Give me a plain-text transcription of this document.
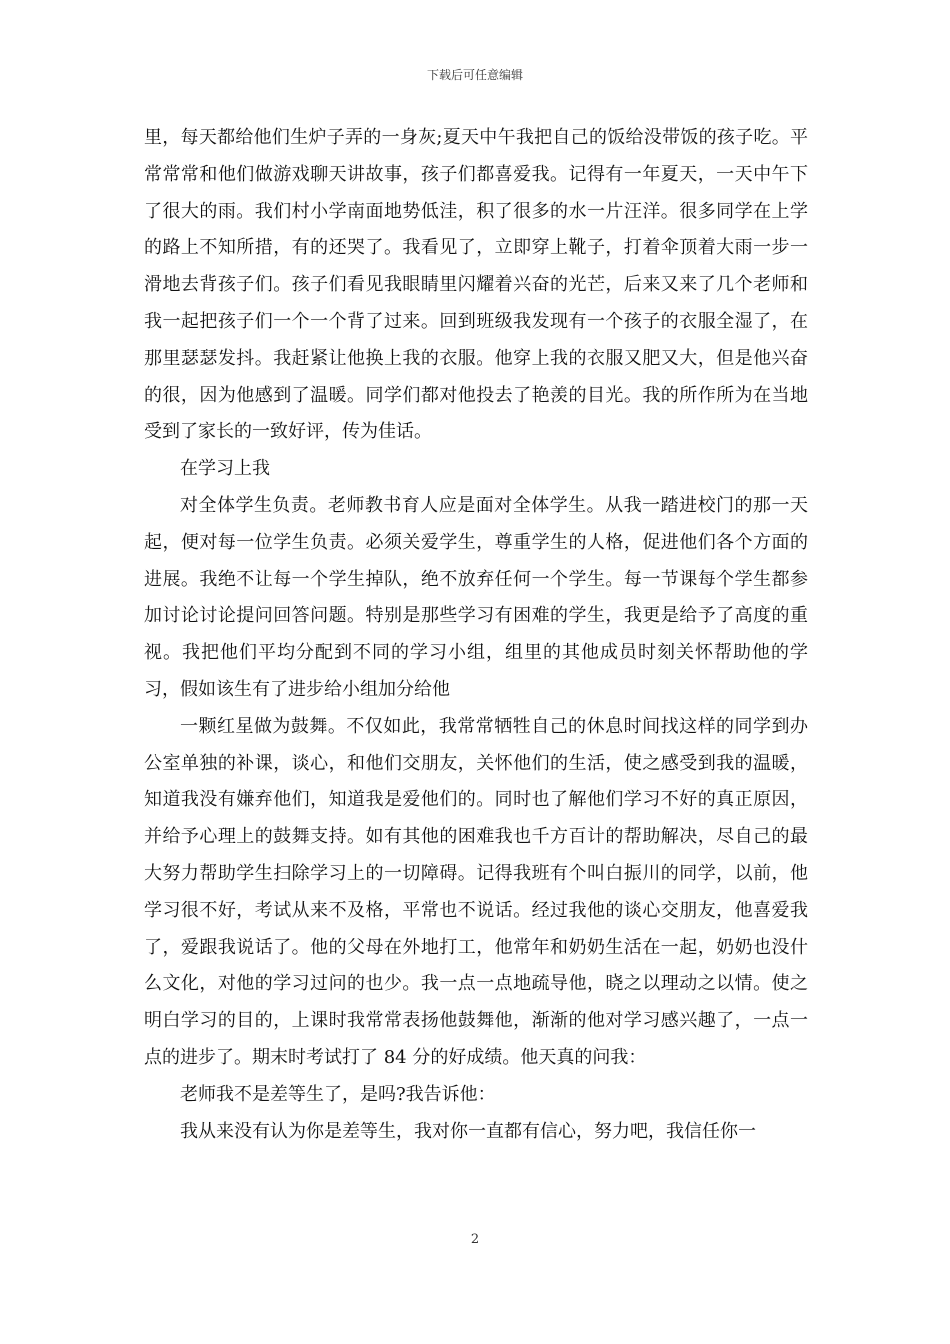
下载后可任意编辑

里，每天都给他们生炉子弄的一身灰;夏天中午我把自己的饭给没带饭的孩子吃。平常常常和他们做游戏聊天讲故事，孩子们都喜爱我。记得有一年夏天，一天中午下了很大的雨。我们村小学南面地势低洼，积了很多的水一片汪洋。很多同学在上学的路上不知所措，有的还哭了。我看见了，立即穿上靴子，打着伞顶着大雨一步一滑地去背孩子们。孩子们看见我眼睛里闪耀着兴奋的光芒，后来又来了几个老师和我一起把孩子们一个一个背了过来。回到班级我发现有一个孩子的衣服全湿了，在那里瑟瑟发抖。我赶紧让他换上我的衣服。他穿上我的衣服又肥又大，但是他兴奋的很，因为他感到了温暖。同学们都对他投去了艳羡的目光。我的所作所为在当地受到了家长的一致好评，传为佳话。

在学习上我

对全体学生负责。老师教书育人应是面对全体学生。从我一踏进校门的那一天起，便对每一位学生负责。必须关爱学生，尊重学生的人格，促进他们各个方面的进展。我绝不让每一个学生掉队，绝不放弃任何一个学生。每一节课每个学生都参加讨论讨论提问回答问题。特别是那些学习有困难的学生，我更是给予了高度的重视。我把他们平均分配到不同的学习小组，组里的其他成员时刻关怀帮助他的学习，假如该生有了进步给小组加分给他

一颗红星做为鼓舞。不仅如此，我常常牺牲自己的休息时间找这样的同学到办公室单独的补课，谈心，和他们交朋友，关怀他们的生活，使之感受到我的温暖，知道我没有嫌弃他们，知道我是爱他们的。同时也了解他们学习不好的真正原因，并给予心理上的鼓舞支持。如有其他的困难我也千方百计的帮助解决，尽自己的最大努力帮助学生扫除学习上的一切障碍。记得我班有个叫白振川的同学，以前，他学习很不好，考试从来不及格，平常也不说话。经过我他的谈心交朋友，他喜爱我了，爱跟我说话了。他的父母在外地打工，他常年和奶奶生活在一起，奶奶也没什么文化，对他的学习过问的也少。我一点一点地疏导他，晓之以理动之以情。使之明白学习的目的，上课时我常常表扬他鼓舞他，渐渐的他对学习感兴趣了，一点一点的进步了。期末时考试打了 84 分的好成绩。他天真的问我：

老师我不是差等生了，是吗?我告诉他：

我从来没有认为你是差等生，我对你一直都有信心，努力吧，我信任你一

2
